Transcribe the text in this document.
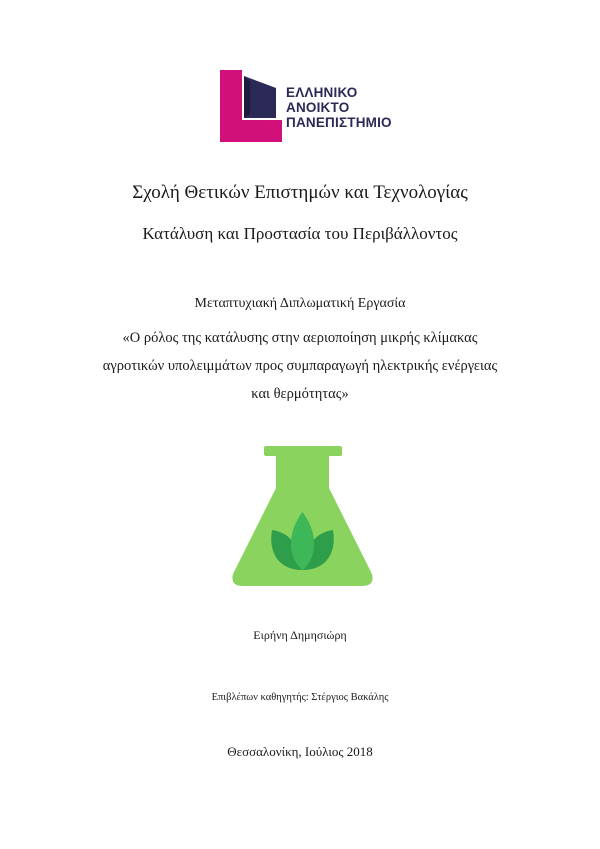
ΕΛΛΗΝΙΚΟ
ΑΝΟΙΚΤΟ
ΠΑΝΕΠΙΣΤΗΜΙΟ
Σχολή Θετικών Επιστημών και Τεχνολογίας
Κατάλυση και Προστασία του Περιβάλλοντος
Μεταπτυχιακή Διπλωματική Εργασία
«Ο ρόλος της κατάλυσης στην αεριοποίηση μικρής κλίμακας
αγροτικών υπολειμμάτων προς συμπαραγωγή ηλεκτρικής ενέργειας
και θερμότητας»
Ειρήνη Δημησιώρη
Επιβλέπων καθηγητής: Στέργιος Βακάλης
Θεσσαλονίκη, Ιούλιος 2018
